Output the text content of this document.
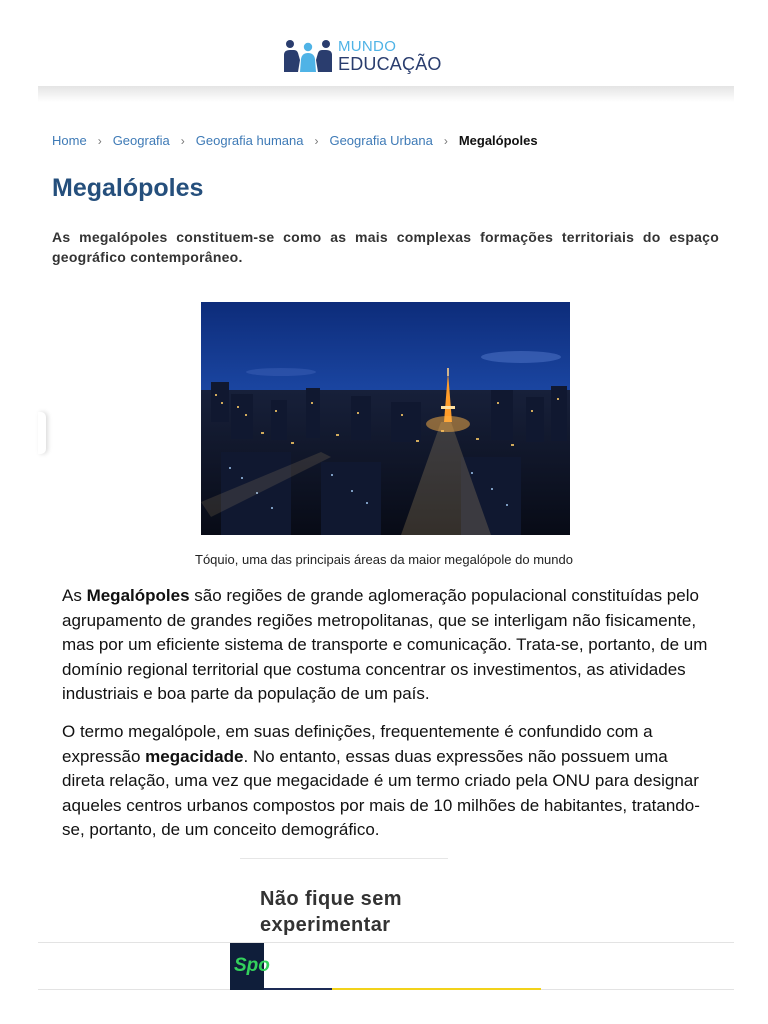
MUNDO
EDUCAÇÃO
Home › Geografia › Geografia humana › Geografia Urbana › Megalópoles
Megalópoles

As megalópoles constituem-se como as mais complexas formações territoriais do espaço geográfico contemporâneo.

Tóquio, uma das principais áreas da maior megalópole do mundo

As Megalópoles são regiões de grande aglomeração populacional constituídas pelo agrupamento de grandes regiões metropolitanas, que se interligam não fisicamente, mas por um eficiente sistema de transporte e comunicação. Trata-se, portanto, de um domínio regional territorial que costuma concentrar os investimentos, as atividades industriais e boa parte da população de um país.

O termo megalópole, em suas definições, frequentemente é confundido com a expressão megacidade. No entanto, essas duas expressões não possuem uma direta relação, uma vez que megacidade é um termo criado pela ONU para designar aqueles centros urbanos compostos por mais de 10 milhões de habitantes, tratando-se, portanto, de um conceito demográfico.

Não fique sem experimentar
Spo
